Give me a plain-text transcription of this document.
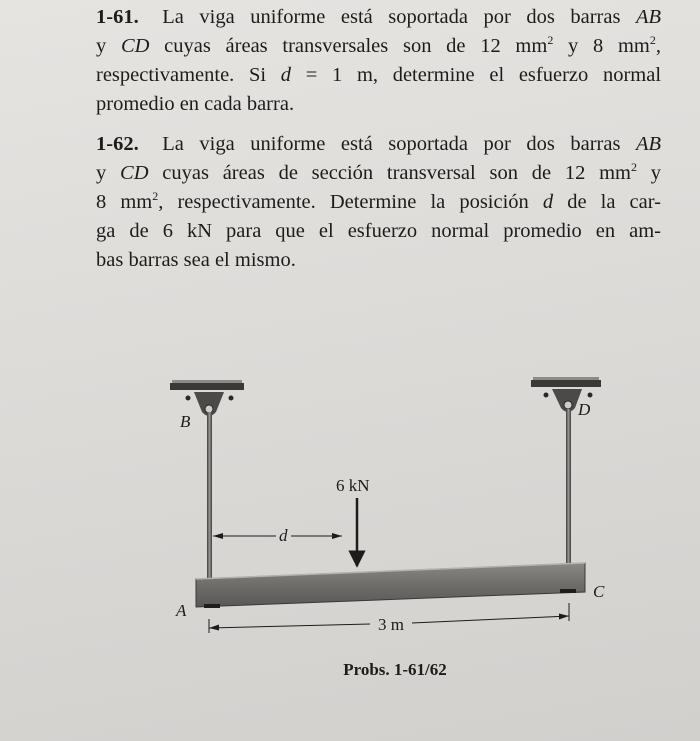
1-61. La viga uniforme está soportada por dos barras AB
y CD cuyas áreas transversales son de 12 $mm^2$ y 8 $mm^2$,
respectivamente. Si d = 1 m, determine el esfuerzo normal
promedio en cada barra.
1-62. La viga uniforme está soportada por dos barras AB
y CD cuyas áreas de sección transversal son de 12 $mm^2$ y
8 $mm^2$, respectivamente. Determine la posición d de la car-
ga de 6 kN para que el esfuerzo normal promedio en am-
bas barras sea el mismo.
6 kN
d
3 m
B
D
A
C
Probs. 1-61/62
